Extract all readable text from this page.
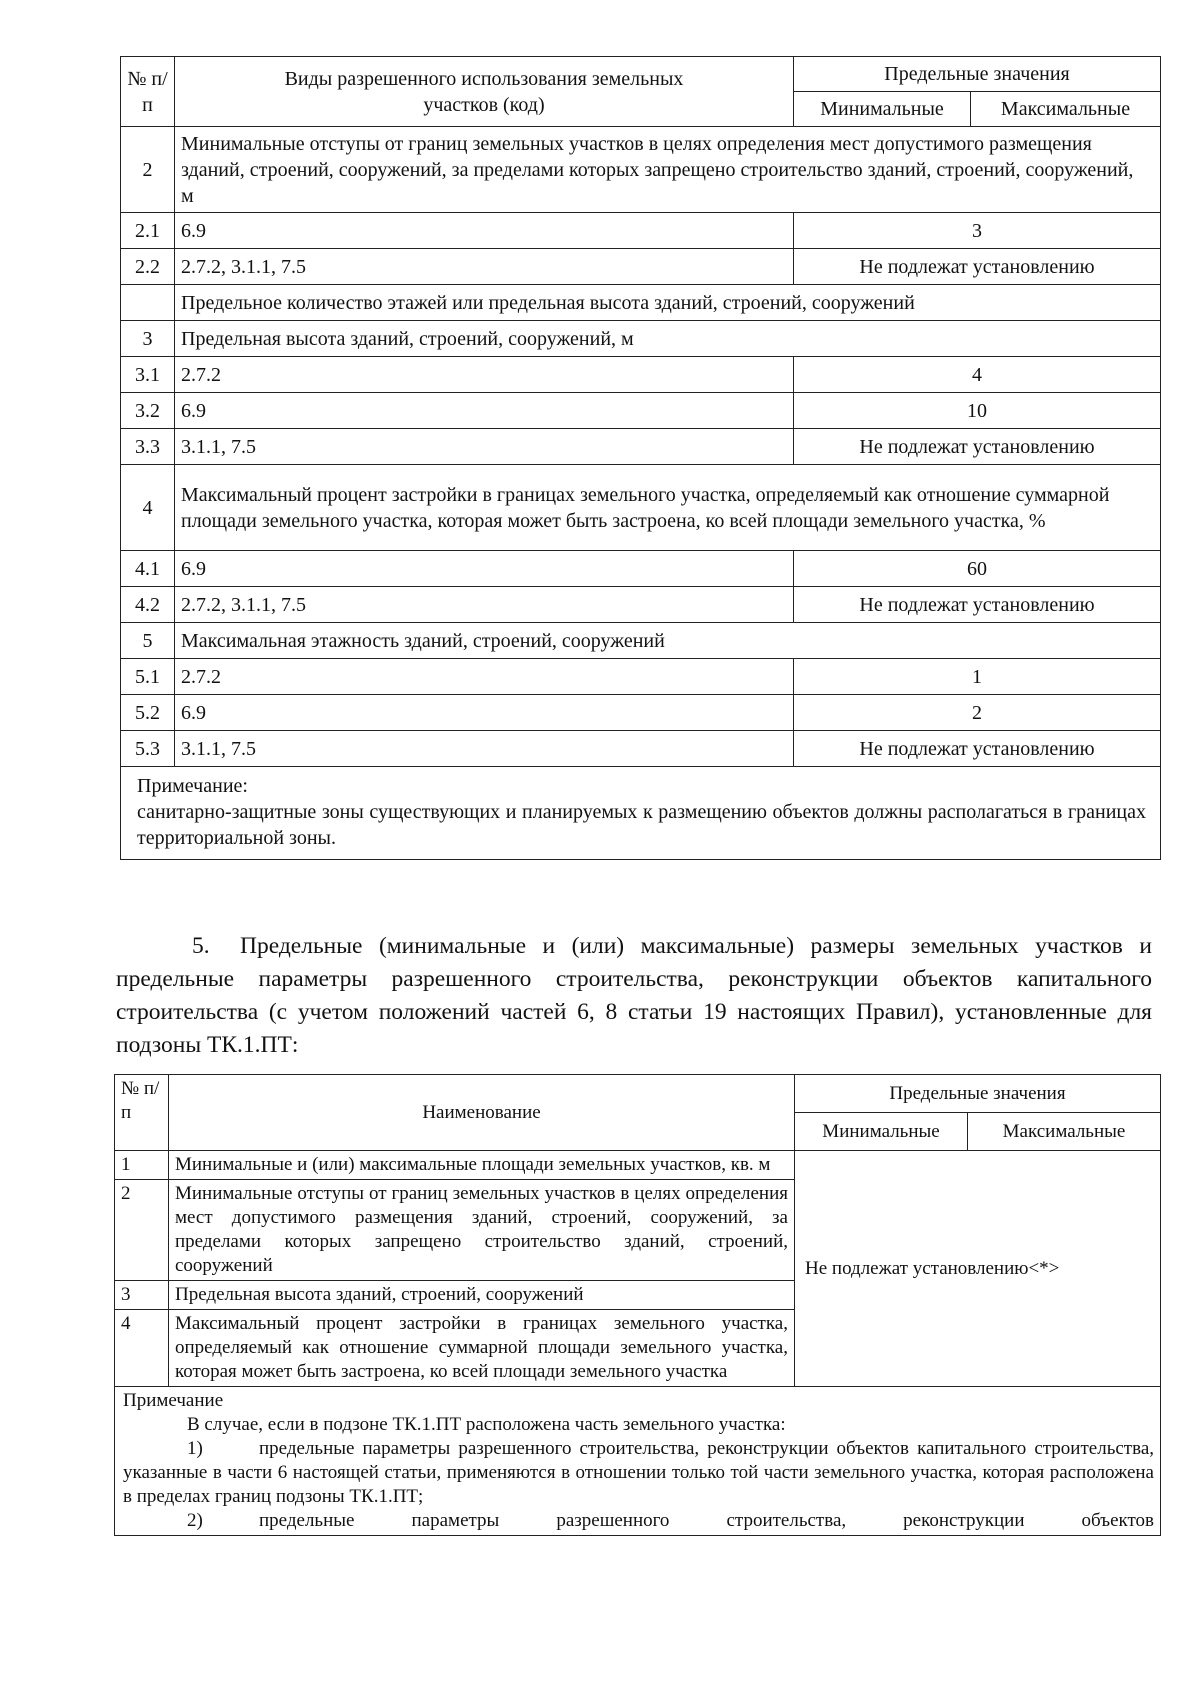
№ п/п	Виды разрешенного использования земельных участков (код)	Предельные значения	
		Минимальные	Максимальные
2	Минимальные отступы от границ земельных участков в целях определения мест допустимого размещения зданий, строений, сооружений, за пределами которых запрещено строительство зданий, строений, сооружений, м		
2.1	6.9	3	
2.2	2.7.2, 3.1.1, 7.5	Не подлежат установлению	
	Предельное количество этажей или предельная высота зданий, строений, сооружений		
3	Предельная высота зданий, строений, сооружений, м		
3.1	2.7.2	4	
3.2	6.9	10	
3.3	3.1.1, 7.5	Не подлежат установлению	
4	Максимальный процент застройки в границах земельного участка, определяемый как отношение суммарной площади земельного участка, которая может быть застроена, ко всей площади земельного участка, %		
4.1	6.9	60	
4.2	2.7.2, 3.1.1, 7.5	Не подлежат установлению	
5	Максимальная этажность зданий, строений, сооружений		
5.1	2.7.2	1	
5.2	6.9	2	
5.3	3.1.1, 7.5	Не подлежат установлению	

Примечание:

санитарно-защитные зоны существующих и планируемых к размещению объектов должны располагаться в границах территориальной зоны.			

5. Предельные (минимальные и (или) максимальные) размеры земельных участков и предельные параметры разрешенного строительства, реконструкции объектов капитального строительства (с учетом положений частей 6, 8 статьи 19 настоящих Правил), установленные для подзоны ТК.1.ПТ:

№ п/п	Наименование	Предельные значения	
		Минимальные	Максимальные
1	Минимальные и (или) максимальные площади земельных участков, кв. м	Не подлежат установлению<*>	
2	Минимальные отступы от границ земельных участков в целях определения мест допустимого размещения зданий, строений, сооружений, за пределами которых запрещено строительство зданий, строений, сооружений		
3	Предельная высота зданий, строений, сооружений		
4	Максимальный процент застройки в границах земельного участка, определяемый как отношение суммарной площади земельного участка, которая может быть застроена, ко всей площади земельного участка		

Примечание

В случае, если в подзоне ТК.1.ПТ расположена часть земельного участка:

1) предельные параметры разрешенного строительства, реконструкции объектов капитального строительства, указанные в части 6 настоящей статьи, применяются в отношении только той части земельного участка, которая расположена в пределах границ подзоны ТК.1.ПТ;

2) предельные параметры разрешенного строительства, реконструкции объектов			
